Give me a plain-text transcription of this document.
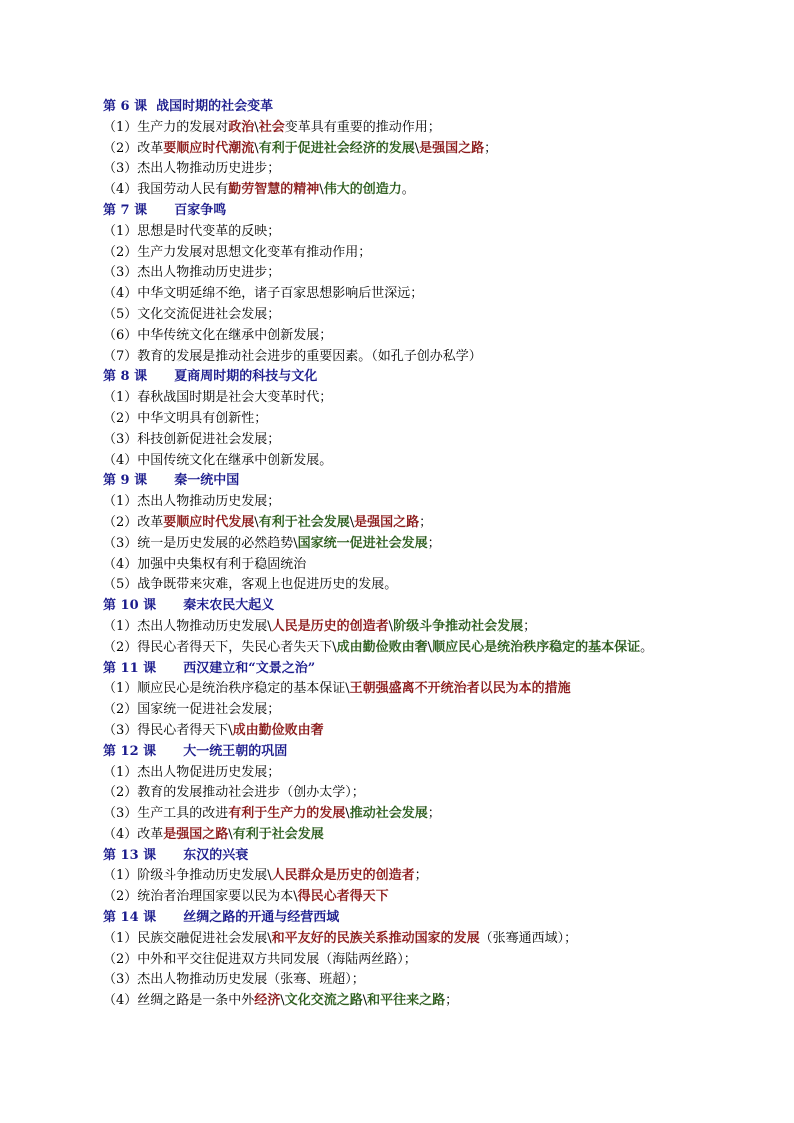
第 6 课  战国时期的社会变革
（1）生产力的发展对政治\社会变革具有重要的推动作用；
（2）改革要顺应时代潮流\有利于促进社会经济的发展\是强国之路；
（3）杰出人物推动历史进步；
（4）我国劳动人民有勤劳智慧的精神\伟大的创造力。
第 7 课      百家争鸣
（1）思想是时代变革的反映；
（2）生产力发展对思想文化变革有推动作用；
（3）杰出人物推动历史进步；
（4）中华文明延绵不绝，诸子百家思想影响后世深远；
（5）文化交流促进社会发展；
（6）中华传统文化在继承中创新发展；
（7）教育的发展是推动社会进步的重要因素。（如孔子创办私学）
第 8 课      夏商周时期的科技与文化
（1）春秋战国时期是社会大变革时代；
（2）中华文明具有创新性；
（3）科技创新促进社会发展；
（4）中国传统文化在继承中创新发展。
第 9 课      秦一统中国
（1）杰出人物推动历史发展；
（2）改革要顺应时代发展\有利于社会发展\是强国之路；
（3）统一是历史发展的必然趋势\国家统一促进社会发展；
（4）加强中央集权有利于稳固统治
（5）战争既带来灾难，客观上也促进历史的发展。
第 10 课      秦末农民大起义
（1）杰出人物推动历史发展\人民是历史的创造者\阶级斗争推动社会发展；
（2）得民心者得天下，失民心者失天下\成由勤俭败由奢\顺应民心是统治秩序稳定的基本保证。
第 11 课      西汉建立和“文景之治”
（1）顺应民心是统治秩序稳定的基本保证\王朝强盛离不开统治者以民为本的措施
（2）国家统一促进社会发展；
（3）得民心者得天下\成由勤俭败由奢
第 12 课      大一统王朝的巩固
（1）杰出人物促进历史发展；
（2）教育的发展推动社会进步（创办太学）；
（3）生产工具的改进有利于生产力的发展\推动社会发展；
（4）改革是强国之路\有利于社会发展
第 13 课      东汉的兴衰
（1）阶级斗争推动历史发展\人民群众是历史的创造者；
（2）统治者治理国家要以民为本\得民心者得天下
第 14 课      丝绸之路的开通与经营西域
（1）民族交融促进社会发展\和平友好的民族关系推动国家的发展（张骞通西域）；
（2）中外和平交往促进双方共同发展（海陆两丝路）；
（3）杰出人物推动历史发展（张骞、班超）；
（4）丝绸之路是一条中外经济\文化交流之路\和平往来之路；
